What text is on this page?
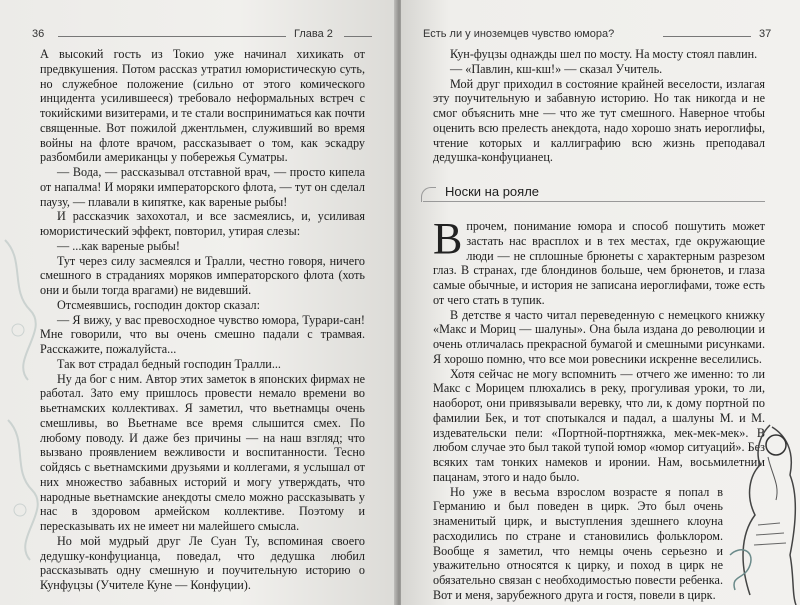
36	Глава 2

А высокий гость из Токио уже начинал хихикать от предвкушения. Потом рассказ утратил юмористическую суть, но служебное положение (сильно от этого комического инцидента усилившееся) требовало неформальных встреч с токийскими визитерами, и те стали восприниматься как почти священные. Вот пожилой джентльмен, служивший во время войны на флоте врачом, рассказывает о том, как эскадру разбомбили американцы у побережья Суматры.

— Вода, — рассказывал отставной врач, — просто кипела от напалма! И моряки императорского флота, — тут он сделал паузу, — плавали в кипятке, как вареные рыбы!

И рассказчик захохотал, и все засмеялись, и, усиливая юмористический эффект, повторил, утирая слезы:

— ...как вареные рыбы!

Тут через силу засмеялся и Тралли, честно говоря, ничего смешного в страданиях моряков императорского флота (хоть они и были тогда врагами) не видевший.

Отсмеявшись, господин доктор сказал:

— Я вижу, у вас превосходное чувство юмора, Турари-сан! Мне говорили, что вы очень смешно падали с трамвая. Расскажите, пожалуйста...

Так вот страдал бедный господин Тралли...

Ну да бог с ним. Автор этих заметок в японских фирмах не работал. Зато ему пришлось провести немало времени во вьетнамских коллективах. Я заметил, что вьетнамцы очень смешливы, во Вьетнаме все время слышится смех. По любому поводу. И даже без причины — на наш взгляд; что вызвано проявлением вежливости и воспитанности. Тесно сойдясь с вьетнамскими друзьями и коллегами, я услышал от них множество забавных историй и могу утверждать, что народные вьетнамские анекдоты смело можно рассказывать у нас в здоровом армейском коллективе. Поэтому и пересказывать их не имеет ни малейшего смысла.

Но мой мудрый друг Ле Суан Ту, вспоминая своего дедушку-конфуцианца, поведал, что дедушка любил рассказывать одну смешную и поучительную историю о Кунфуцзы (Учителе Куне — Конфуции).

Есть ли у иноземцев чувство юмора?	37

Кун-фуцзы однажды шел по мосту. На мосту стоял павлин.

— «Павлин, кш-кш!» — сказал Учитель.

Мой друг приходил в состояние крайней веселости, излагая эту поучительную и забавную историю. Но так никогда и не смог объяснить мне — что же тут смешного. Наверное чтобы оценить всю прелесть анекдота, надо хорошо знать иероглифы, чтение которых и каллиграфию всю жизнь преподавал дедушка-конфуцианец.

Носки на рояле

Впрочем, понимание юмора и способ пошутить может застать нас врасплох и в тех местах, где окружающие люди — не сплошные брюнеты с характерным разрезом глаз. В странах, где блондинов больше, чем брюнетов, и глаза самые обычные, и история не записана иероглифами, тоже есть от чего стать в тупик.

В детстве я часто читал переведенную с немецкого книжку «Макс и Мориц — шалуны». Она была издана до революции и очень отличалась прекрасной бумагой и смешными рисунками. Я хорошо помню, что все мои ровесники искренне веселились.

Хотя сейчас не могу вспомнить — отчего же именно: то ли Макс с Морицем плюхались в реку, прогуливая уроки, то ли, наоборот, они привязывали веревку, что ли, к дому портной по фамилии Бек, и тот спотыкался и падал, а шалуны М. и М. издевательски пели: «Портной-портняжка, мек-мек-мек». В любом случае это был такой тупой юмор «юмор ситуаций». Без всяких там тонких намеков и иронии. Нам, восьмилетним пацанам, этого и надо было.

Но уже в весьма взрослом возрасте я попал в Германию и был поведен в цирк. Это был очень знаменитый цирк, и выступления здешнего клоуна расходились по стране и становились фольклором. Вообще я заметил, что немцы очень серьезно и уважительно относятся к цирку, и поход в цирк не обязательно связан с необходимостью повести ребенка. Вот и меня, зарубежного друга и гостя, повели в цирк.
